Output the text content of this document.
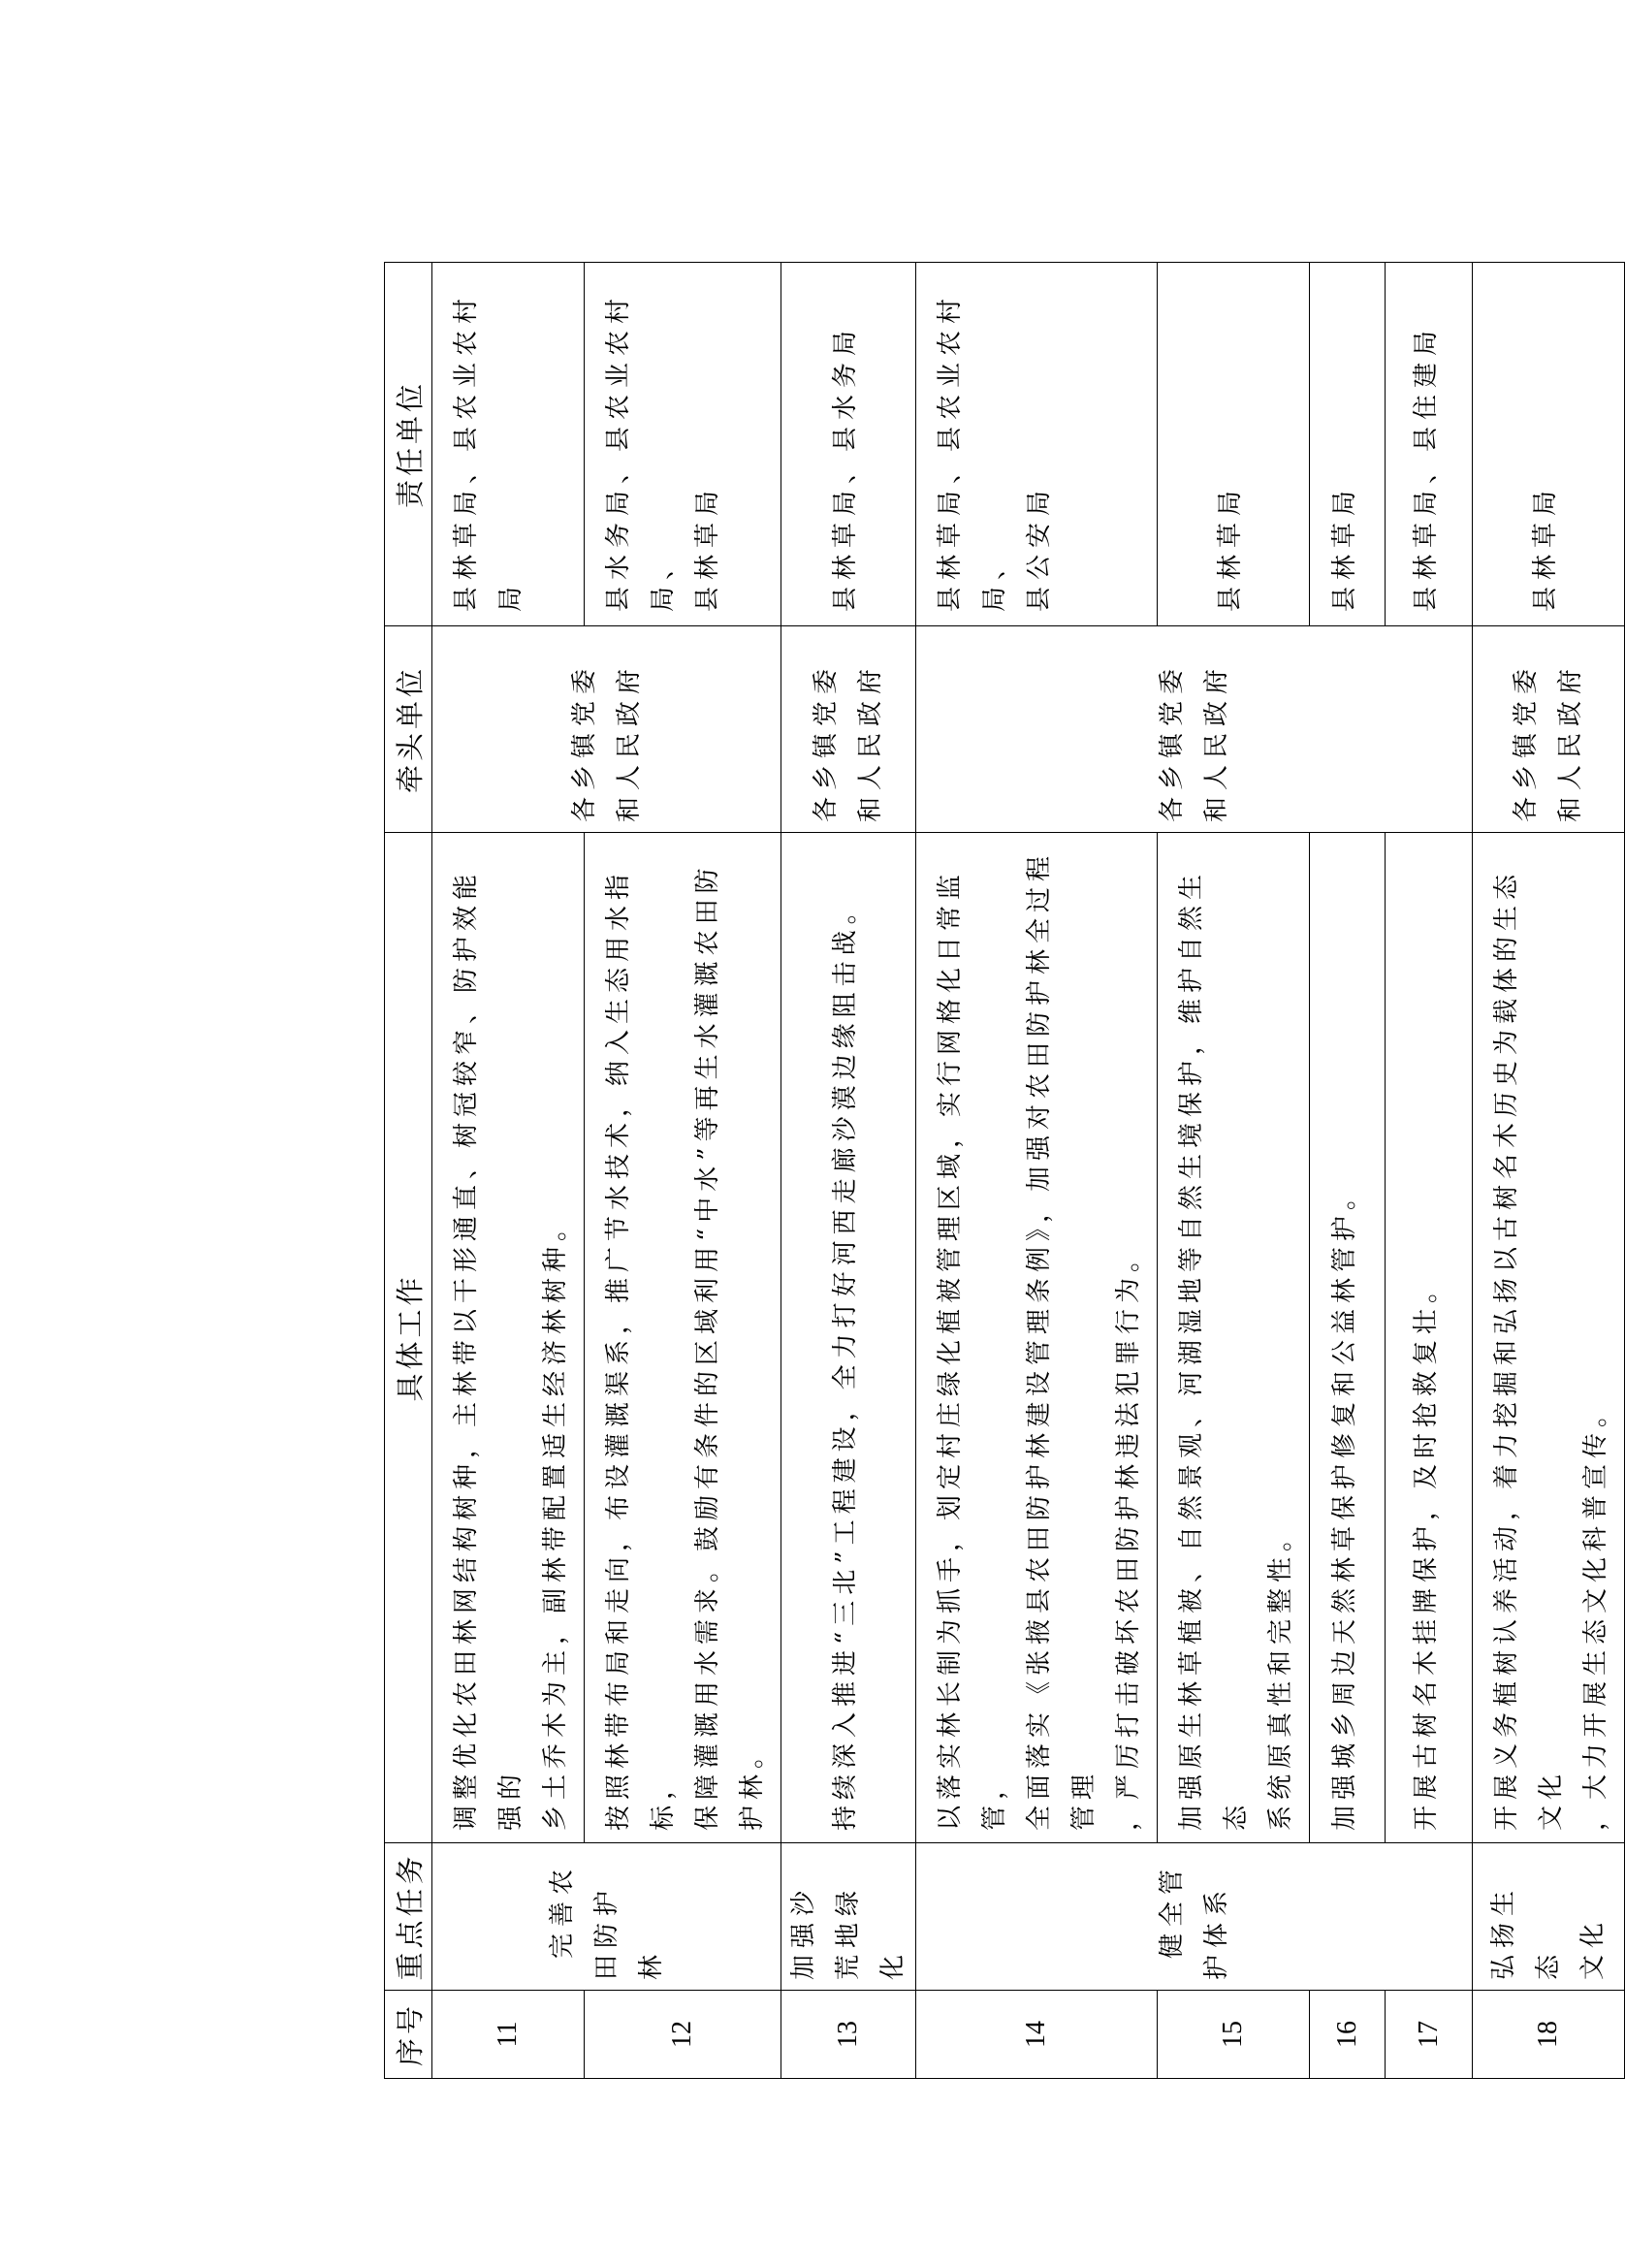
序号	重点任务	具体工作	牵头单位	责任单位
11	完善农 田防护林	调整优化农田林网结构树种，主林带以干形通直、树冠较窄、防护效能强的 乡土乔木为主，副林带配置适生经济林树种。	各乡镇党委 和人民政府	县林草局、县农业农村局

12		按照林带布局和走向，布设灌溉渠系，推广节水技术，纳入生态用水指标， 保障灌溉用水需求。鼓励有条件的区域利用“中水”等再生水灌溉农田防护林。		县水务局、县农业农村局、 县林草局

13	加强沙 荒地绿化	持续深入推进“三北”工程建设，全力打好河西走廊沙漠边缘阻击战。	各乡镇党委 和人民政府	县林草局、县水务局

14	健全管 护体系	以落实林长制为抓手，划定村庄绿化植被管理区域，实行网格化日常监管， 全面落实《张掖县农田防护林建设管理条例》，加强对农田防护林全过程管理 ，严厉打击破坏农田防护林违法犯罪行为。	各乡镇党委 和人民政府	县林草局、县农业农村局、 县公安局

15		加强原生林草植被、自然景观、河湖湿地等自然生境保护，维护自然生态 系统原真性和完整性。		县林草局

16		加强城乡周边天然林草保护修复和公益林管护。		县林草局

17		开展古树名木挂牌保护，及时抢救复壮。		县林草局、县住建局

18	弘扬生态 文化	开展义务植树认养活动，着力挖掘和弘扬以古树名木历史为载体的生态文化 ，大力开展生态文化科普宣传。	各乡镇党委 和人民政府	县林草局
